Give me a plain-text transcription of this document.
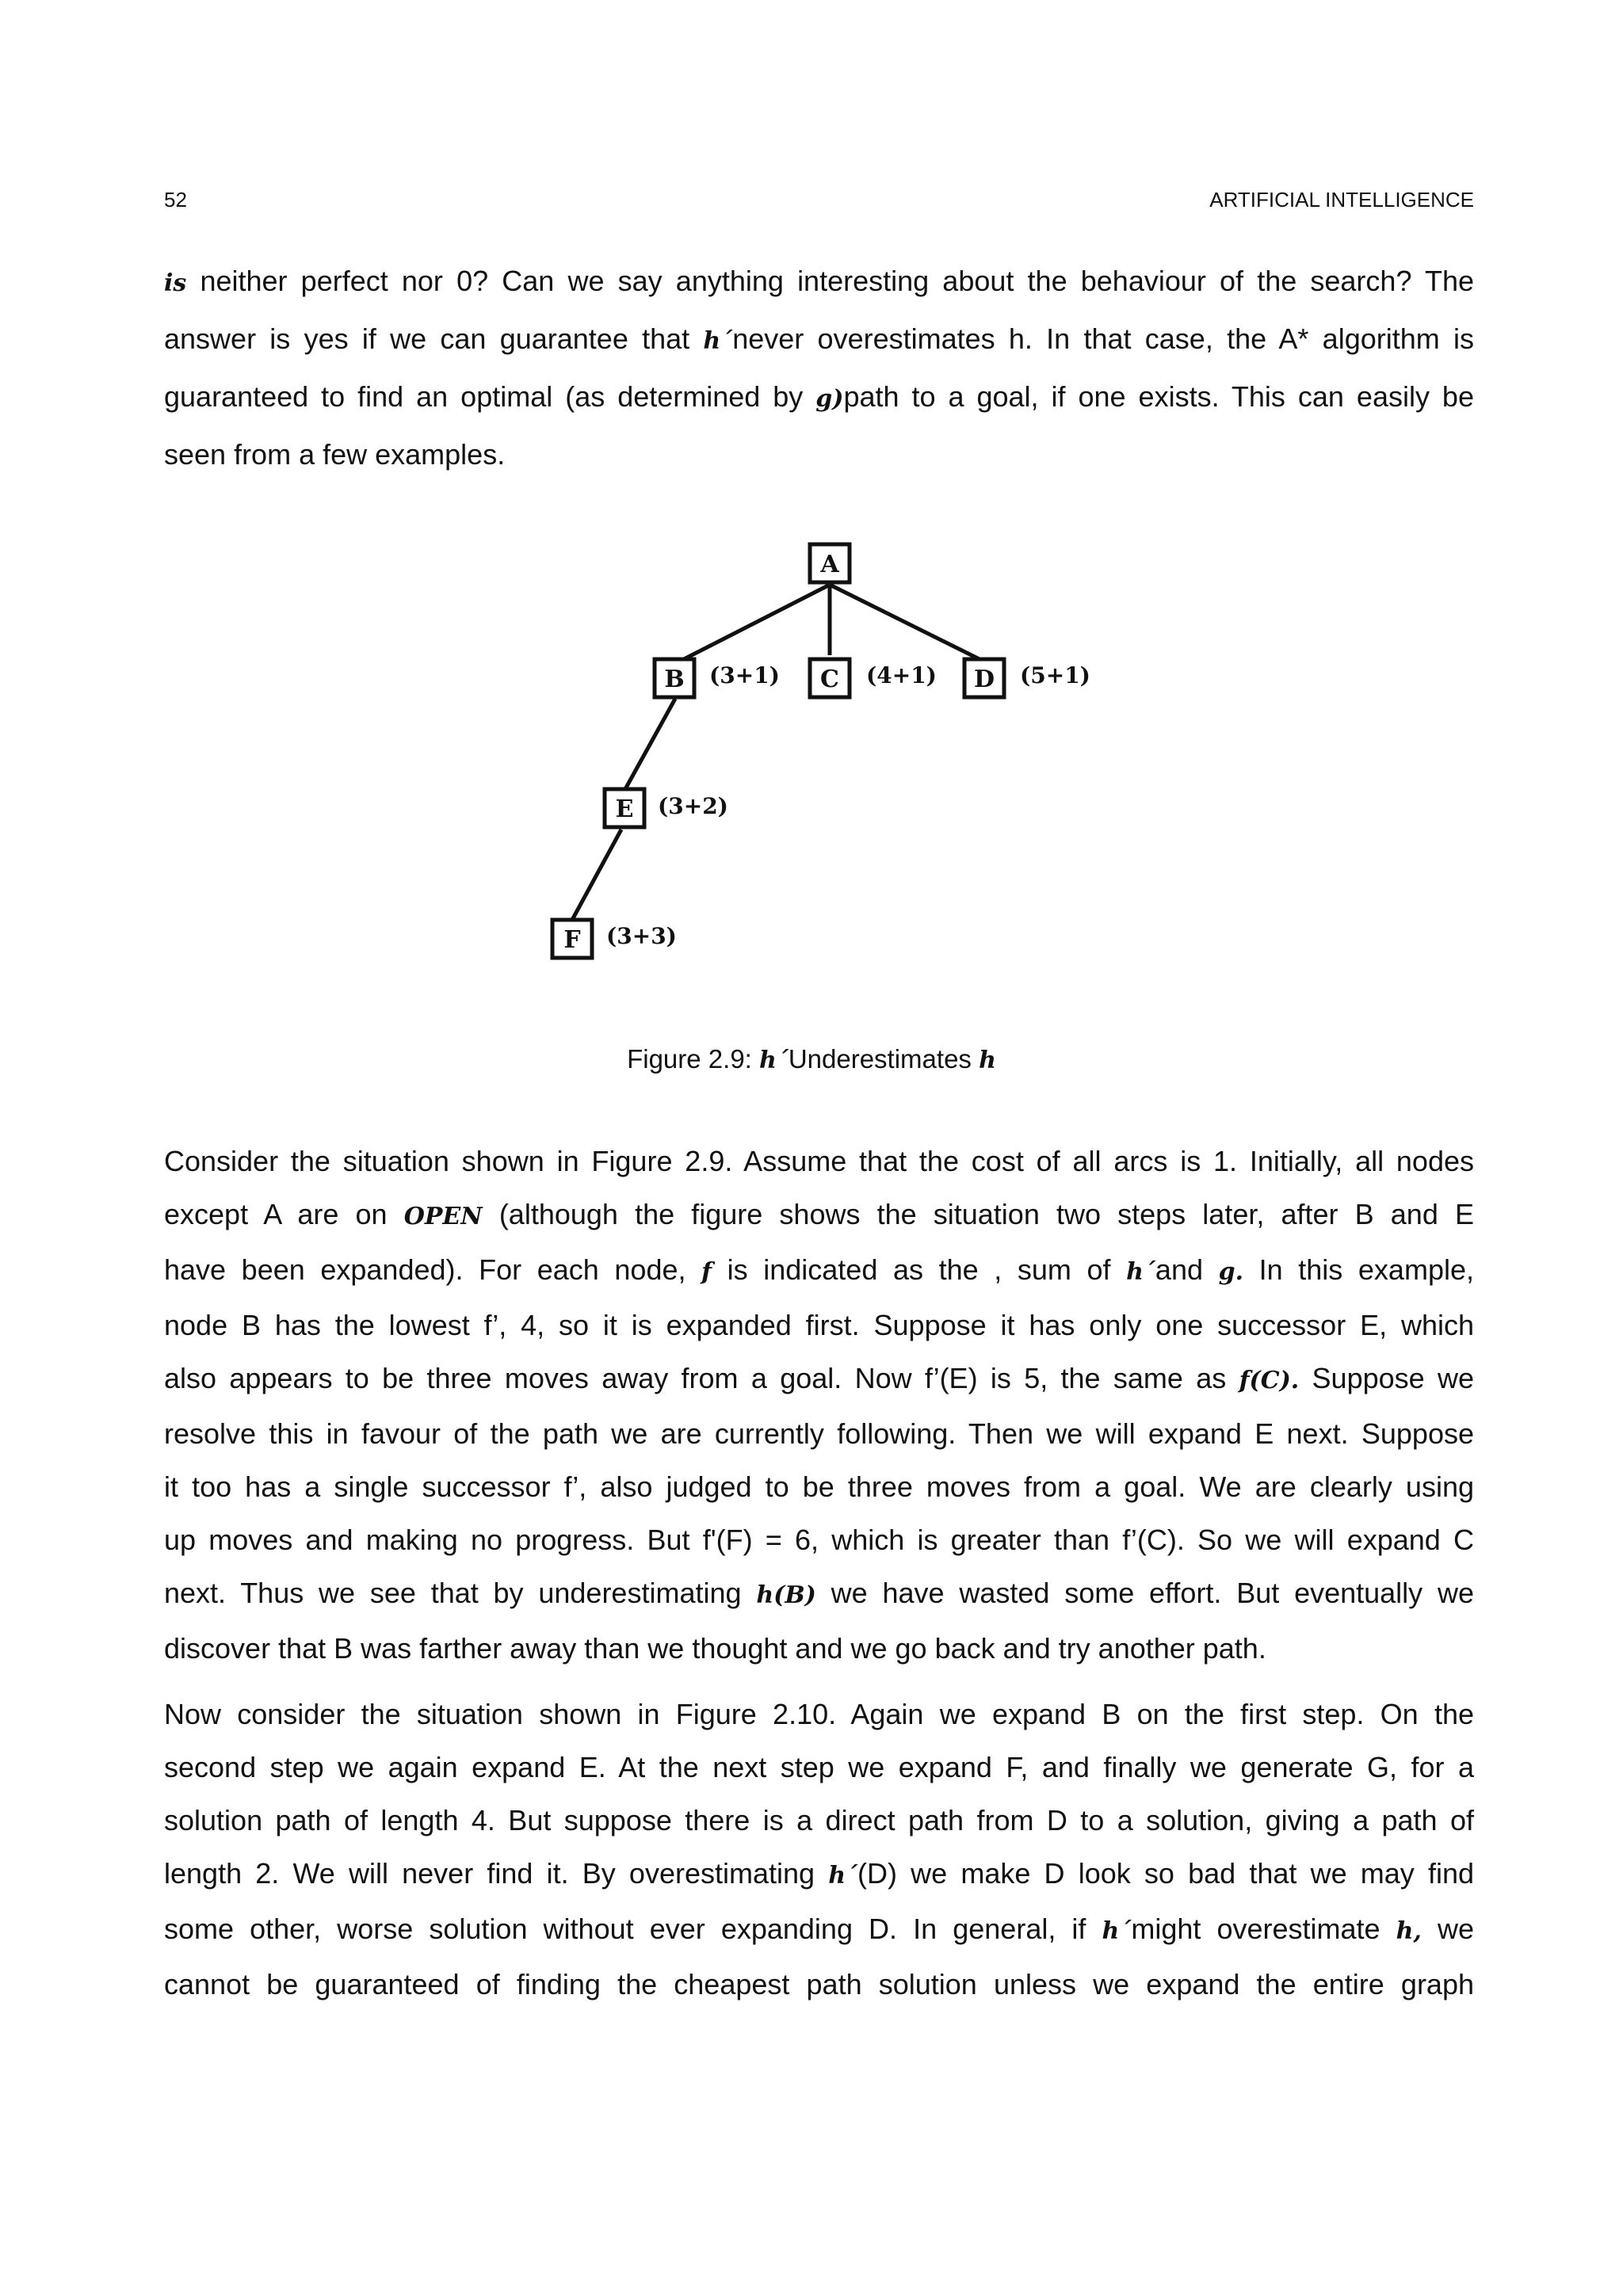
52	ARTIFICIAL INTELLIGENCE
is neither perfect nor 0? Can we say anything interesting about the behaviour of the search? The
answer is yes if we can guarantee that h´never overestimates h. In that case, the A* algorithm is
guaranteed to find an optimal (as determined by g)path to a goal, if one exists. This can easily be
seen from a few examples.
A
B	C	D
E
F
(3+1)	(4+1)	(5+1)
(3+2)
(3+3)
Figure 2.9: h´Underestimates h
Consider the situation shown in Figure 2.9. Assume that the cost of all arcs is 1. Initially, all nodes
except A are on OPEN (although the figure shows the situation two steps later, after B and E
have been expanded). For each node, f is indicated as the , sum of h´and g. In this example,
node B has the lowest f’, 4, so it is expanded first. Suppose it has only one successor E, which
also appears to be three moves away from a goal. Now f’(E) is 5, the same as f(C). Suppose we
resolve this in favour of the path we are currently following. Then we will expand E next. Suppose
it too has a single successor f’, also judged to be three moves from a goal. We are clearly using
up moves and making no progress. But f'(F) = 6, which is greater than f’(C). So we will expand C
next. Thus we see that by underestimating h(B) we have wasted some effort. But eventually we
discover that B was farther away than we thought and we go back and try another path.
Now consider the situation shown in Figure 2.10. Again we expand B on the first step. On the
second step we again expand E. At the next step we expand F, and finally we generate G, for a
solution path of length 4. But suppose there is a direct path from D to a solution, giving a path of
length 2. We will never find it. By overestimating h´(D) we make D look so bad that we may find
some other, worse solution without ever expanding D. In general, if h´might overestimate h, we
cannot be guaranteed of finding the cheapest path solution unless we expand the entire graph
